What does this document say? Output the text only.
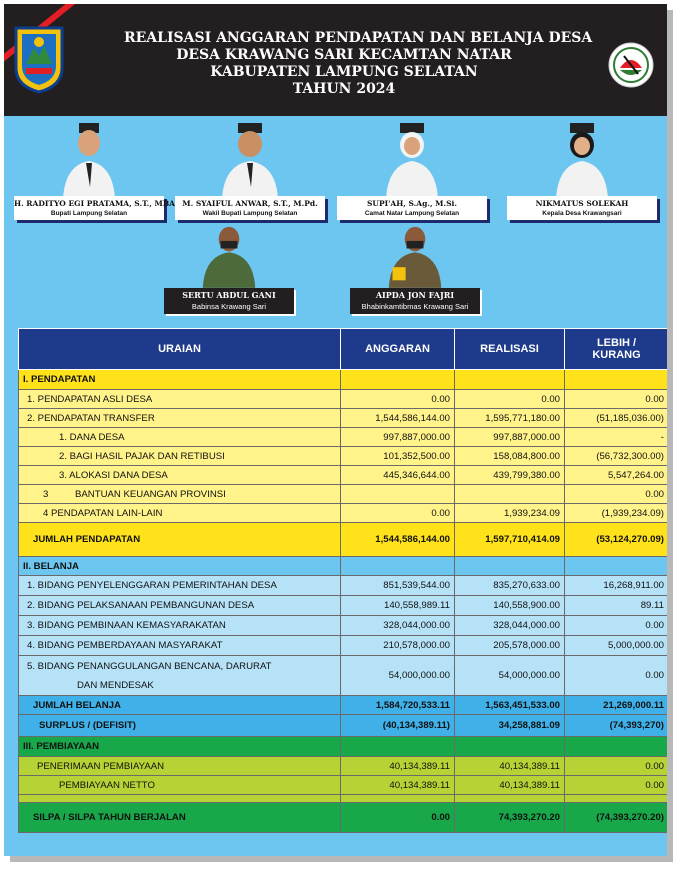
REALISASI ANGGARAN PENDAPATAN DAN BELANJA DESA
DESA KRAWANG SARI KECAMTAN NATAR
KABUPATEN LAMPUNG SELATAN
TAHUN 2024
H. RADITYO EGI PRATAMA, S.T., MBA
Bupati Lampung Selatan
M. SYAIFUL ANWAR, S.T., M.Pd.
Wakil Bupati Lampung Selatan
SUPI'AH, S.Ag., M.Si.
Camat Natar Lampung Selatan
NIKMATUS SOLEKAH
Kepala Desa Krawangsari
SERTU ABDUL GANI
Babinsa Krawang Sari
AIPDA JON FAJRI
Bhabinkamtibmas Krawang Sari
URAIAN	ANGGARAN	REALISASI	LEBIH /
KURANG
I. PENDAPATAN			
1. PENDAPATAN ASLI DESA	0.00	0.00	0.00
2. PENDAPATAN TRANSFER	1,544,586,144.00	1,595,771,180.00	(51,185,036.00)
1. DANA DESA	997,887,000.00	997,887,000.00	-
2. BAGI HASIL PAJAK DAN RETIBUSI	101,352,500.00	158,084,800.00	(56,732,300.00)
3. ALOKASI DANA DESA	445,346,644.00	439,799,380.00	5,547,264.00
3          BANTUAN KEUANGAN PROVINSI			0.00
4 PENDAPATAN LAIN-LAIN	0.00	1,939,234.09	(1,939,234.09)
JUMLAH PENDAPATAN	1,544,586,144.00	1,597,710,414.09	(53,124,270.09)
II. BELANJA			
1. BIDANG PENYELENGGARAN PEMERINTAHAN DESA	851,539,544.00	835,270,633.00	16,268,911.00
2. BIDANG PELAKSANAAN PEMBANGUNAN DESA	140,558,989.11	140,558,900.00	89.11
3. BIDANG PEMBINAAN KEMASYARAKATAN	328,044,000.00	328,044,000.00	0.00
4. BIDANG PEMBERDAYAAN MASYARAKAT	210,578,000.00	205,578,000.00	5,000,000.00
5. BIDANG PENANGGULANGAN BENCANA, DARURAT
DAN MENDESAK	54,000,000.00	54,000,000.00	0.00
JUMLAH BELANJA	1,584,720,533.11	1,563,451,533.00	21,269,000.11
SURPLUS / (DEFISIT)	(40,134,389.11)	34,258,881.09	(74,393,270)
III. PEMBIAYAAN			
PENERIMAAN PEMBIAYAAN	40,134,389.11	40,134,389.11	0.00
PEMBIAYAAN NETTO	40,134,389.11	40,134,389.11	0.00

SILPA / SILPA TAHUN BERJALAN	0.00	74,393,270.20	(74,393,270.20)
